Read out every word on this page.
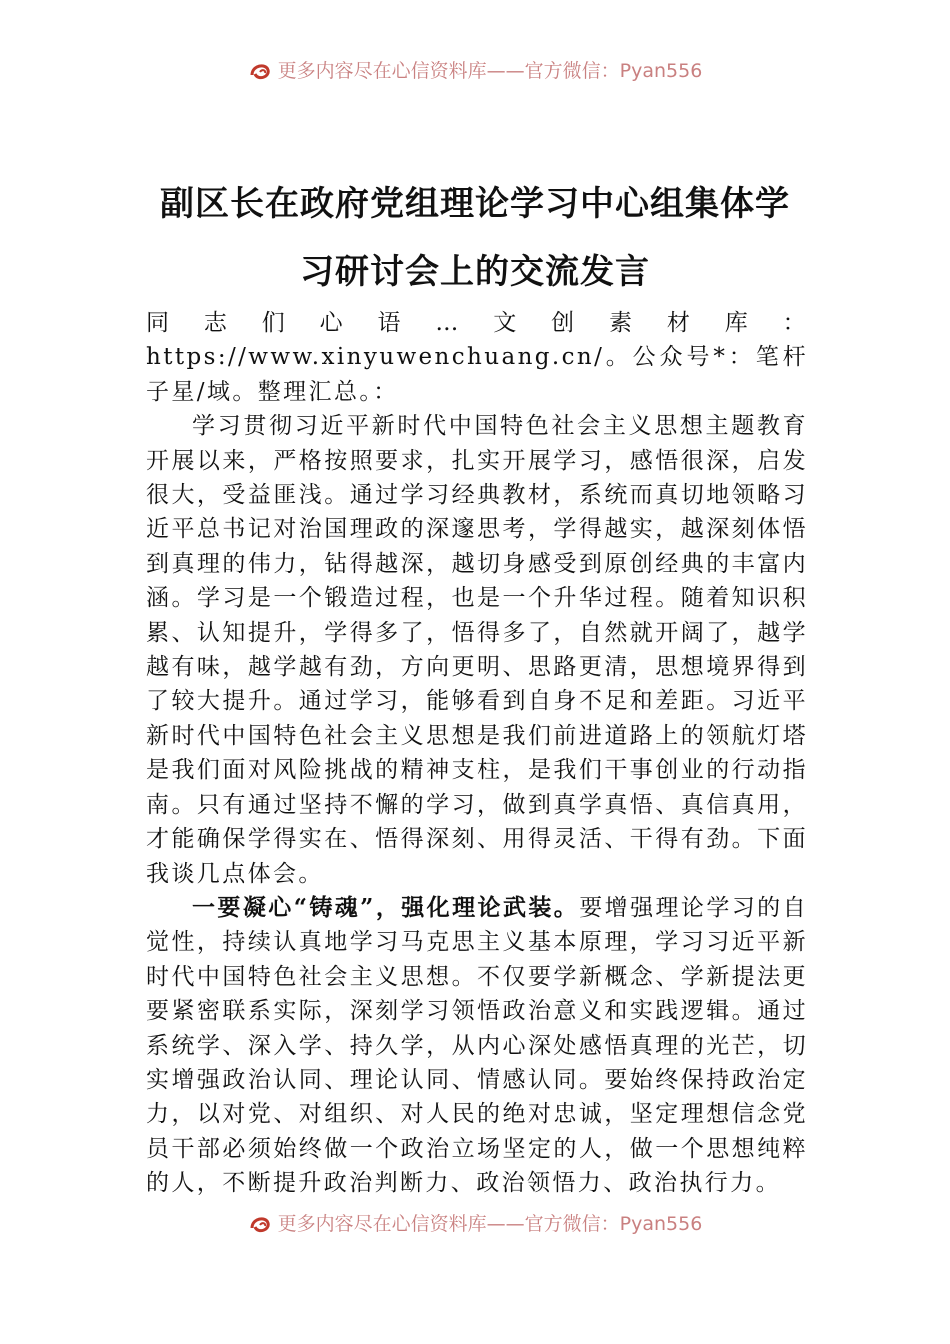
更多内容尽在心信资料库——官方微信：Pyan556
副区长在政府党组理论学习中心组集体学
习研讨会上的交流发言

同志们心语…文创素材库：https://www.xinyuwenchuang.cn/。公众号*：笔杆子星/域。整理汇总。：

学习贯彻习近平新时代中国特色社会主义思想主题教育开展以来，严格按照要求，扎实开展学习，感悟很深，启发很大，受益匪浅。通过学习经典教材，系统而真切地领略习近平总书记对治国理政的深邃思考，学得越实，越深刻体悟到真理的伟力，钻得越深，越切身感受到原创经典的丰富内涵。学习是一个锻造过程，也是一个升华过程。随着知识积累、认知提升，学得多了，悟得多了，自然就开阔了，越学越有味，越学越有劲，方向更明、思路更清，思想境界得到了较大提升。通过学习，能够看到自身不足和差距。习近平新时代中国特色社会主义思想是我们前进道路上的领航灯塔是我们面对风险挑战的精神支柱，是我们干事创业的行动指南。只有通过坚持不懈的学习，做到真学真悟、真信真用，才能确保学得实在、悟得深刻、用得灵活、干得有劲。下面我谈几点体会。

一要凝心“铸魂”，强化理论武装。要增强理论学习的自觉性，持续认真地学习马克思主义基本原理，学习习近平新时代中国特色社会主义思想。不仅要学新概念、学新提法更要紧密联系实际，深刻学习领悟政治意义和实践逻辑。通过系统学、深入学、持久学，从内心深处感悟真理的光芒，切实增强政治认同、理论认同、情感认同。要始终保持政治定力，以对党、对组织、对人民的绝对忠诚，坚定理想信念党员干部必须始终做一个政治立场坚定的人，做一个思想纯粹的人，不断提升政治判断力、政治领悟力、政治执行力。

更多内容尽在心信资料库——官方微信：Pyan556
